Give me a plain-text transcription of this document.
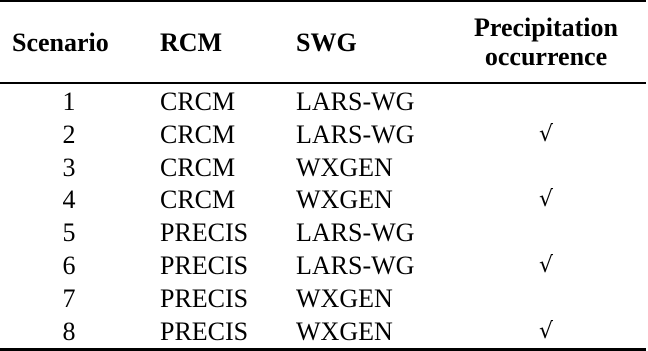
Scenario	RCM	SWG	Precipitation
occurrence

1	CRCM	LARS-WG	
2	CRCM	LARS-WG	√
3	CRCM	WXGEN	
4	CRCM	WXGEN	√
5	PRECIS	LARS-WG	
6	PRECIS	LARS-WG	√
7	PRECIS	WXGEN	
8	PRECIS	WXGEN	√
